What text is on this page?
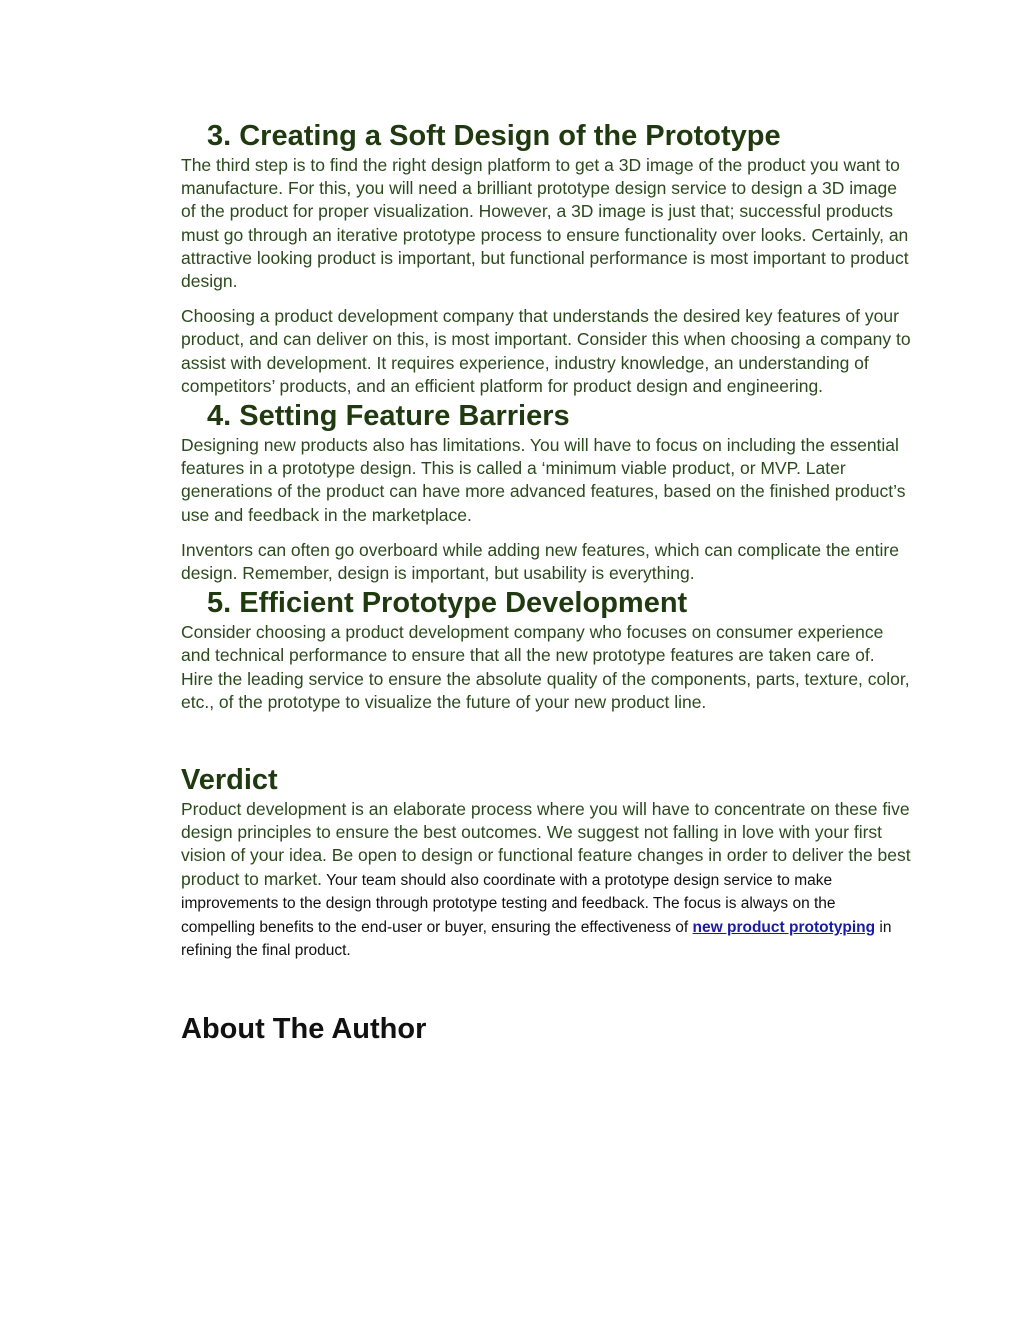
3. Creating a Soft Design of the Prototype

The third step is to find the right design platform to get a 3D image of the product you want to manufacture. For this, you will need a brilliant prototype design service to design a 3D image of the product for proper visualization. However, a 3D image is just that; successful products must go through an iterative prototype process to ensure functionality over looks. Certainly, an attractive looking product is important, but functional performance is most important to product design.

Choosing a product development company that understands the desired key features of your product, and can deliver on this, is most important. Consider this when choosing a company to assist with development. It requires experience, industry knowledge, an understanding of competitors’ products, and an efficient platform for product design and engineering.

4. Setting Feature Barriers

Designing new products also has limitations. You will have to focus on including the essential features in a prototype design. This is called a ‘minimum viable product, or MVP. Later generations of the product can have more advanced features, based on the finished product’s use and feedback in the marketplace.

Inventors can often go overboard while adding new features, which can complicate the entire design. Remember, design is important, but usability is everything.

5. Efficient Prototype Development

Consider choosing a product development company who focuses on consumer experience and technical performance to ensure that all the new prototype features are taken care of. Hire the leading service to ensure the absolute quality of the components, parts, texture, color, etc., of the prototype to visualize the future of your new product line.

Verdict

Product development is an elaborate process where you will have to concentrate on these five design principles to ensure the best outcomes. We suggest not falling in love with your first vision of your idea. Be open to design or functional feature changes in order to deliver the best product to market. Your team should also coordinate with a prototype design service to make improvements to the design through prototype testing and feedback. The focus is always on the compelling benefits to the end-user or buyer, ensuring the effectiveness of new product prototyping in refining the final product.

About The Author
